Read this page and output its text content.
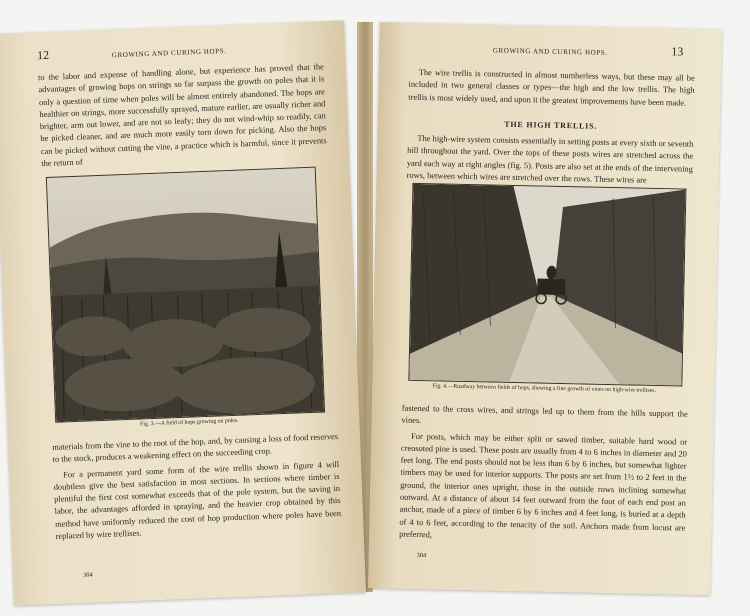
12	GROWING AND CURING HOPS.

to the labor and expense of handling alone, but experience has proved that the advantages of growing hops on strings so far surpass the growth on poles that it is only a question of time when poles will be almost entirely abandoned. The hops are healthier on strings, more successfully sprayed, mature earlier, are usually richer and brighter, arm out lower, and are not so leafy; they do not wind-whip so readily, can be picked cleaner, and are much more easily torn down for picking. Also the hops can be picked without cutting the vine, a practice which is harmful, since it prevents the return of

Fig. 3.—A field of hops growing on poles.

materials from the vine to the root of the hop, and, by causing a loss of food reserves to the stock, produces a weakening effect on the succeeding crop.

For a permanent yard some form of the wire trellis shown in figure 4 will doubtless give the best satisfaction in most sections. In sections where timber is plentiful the first cost somewhat exceeds that of the pole system, but the saving in labor, the advantages afforded in spraying, and the heavier crop obtained by this method have uniformly reduced the cost of hop production where poles have been replaced by wire trellises.

304
GROWING AND CURING HOPS.	13

The wire trellis is constructed in almost numberless ways, but these may all be included in two general classes or types—the high and the low trellis. The high trellis is most widely used, and upon it the greatest improvements have been made.

THE HIGH TRELLIS.

The high-wire system consists essentially in setting posts at every sixth or seventh hill throughout the yard. Over the tops of these posts wires are stretched across the yard each way at right angles (fig. 5). Posts are also set at the ends of the intervening rows, between which wires are stretched over the rows. These wires are

Fig. 4.—Roadway between fields of hops, showing a fine growth of vines on high-wire trellises.

fastened to the cross wires, and strings led up to them from the hills support the vines.

For posts, which may be either split or sawed timber, suitable hard wood or creosoted pine is used. These posts are usually from 4 to 6 inches in diameter and 20 feet long. The end posts should not be less than 6 by 6 inches, but somewhat lighter timbers may be used for interior supports. The posts are set from 1½ to 2 feet in the ground, the interior ones upright, those in the outside rows inclining somewhat outward. At a distance of about 14 feet outward from the foot of each end post an anchor, made of a piece of timber 6 by 6 inches and 4 feet long, is buried at a depth of 4 to 6 feet, according to the tenacity of the soil. Anchors made from locust are preferred,

304
